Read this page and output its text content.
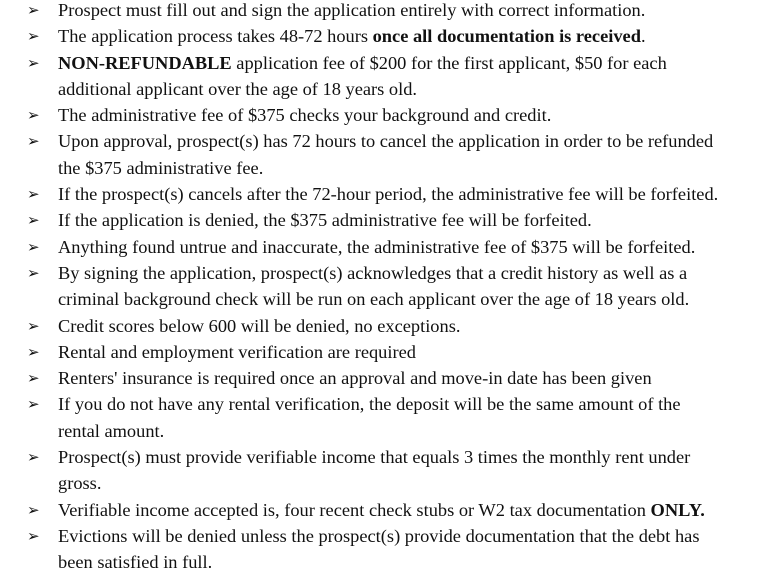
➢	Prospect must fill out and sign the application entirely with correct information.
➢	The application process takes 48-72 hours once all documentation is received.
➢	NON-REFUNDABLE application fee of $200 for the first applicant, $50 for each
additional applicant over the age of 18 years old.
➢	The administrative fee of $375 checks your background and credit.
➢	Upon approval, prospect(s) has 72 hours to cancel the application in order to be refunded
the $375 administrative fee.
➢	If the prospect(s) cancels after the 72-hour period, the administrative fee will be forfeited.
➢	If the application is denied, the $375 administrative fee will be forfeited.
➢	Anything found untrue and inaccurate, the administrative fee of $375 will be forfeited.
➢	By signing the application, prospect(s) acknowledges that a credit history as well as a
criminal background check will be run on each applicant over the age of 18 years old.
➢	Credit scores below 600 will be denied, no exceptions.
➢	Rental and employment verification are required
➢	Renters' insurance is required once an approval and move-in date has been given
➢	If you do not have any rental verification, the deposit will be the same amount of the
rental amount.
➢	Prospect(s) must provide verifiable income that equals 3 times the monthly rent under
gross.
➢	Verifiable income accepted is, four recent check stubs or W2 tax documentation ONLY.
➢	Evictions will be denied unless the prospect(s) provide documentation that the debt has
been satisfied in full.
